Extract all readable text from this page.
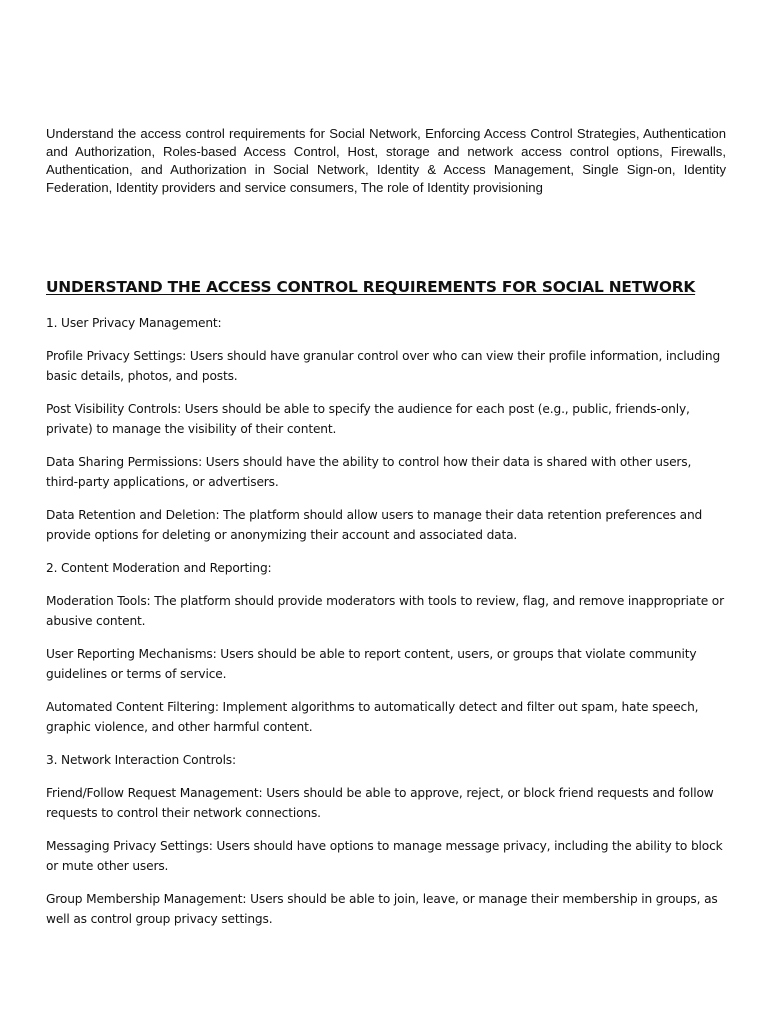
Understand the access control requirements for Social Network, Enforcing Access Control Strategies, Authentication and Authorization, Roles-based Access Control, Host, storage and network access control options, Firewalls, Authentication, and Authorization in Social Network, Identity & Access Management, Single Sign-on, Identity Federation, Identity providers and service consumers, The role of Identity provisioning

UNDERSTAND THE ACCESS CONTROL REQUIREMENTS FOR SOCIAL NETWORK

1. User Privacy Management:

Profile Privacy Settings: Users should have granular control over who can view their profile information, including basic details, photos, and posts.

Post Visibility Controls: Users should be able to specify the audience for each post (e.g., public, friends-only, private) to manage the visibility of their content.

Data Sharing Permissions: Users should have the ability to control how their data is shared with other users, third-party applications, or advertisers.

Data Retention and Deletion: The platform should allow users to manage their data retention preferences and provide options for deleting or anonymizing their account and associated data.

2. Content Moderation and Reporting:

Moderation Tools: The platform should provide moderators with tools to review, flag, and remove inappropriate or abusive content.

User Reporting Mechanisms: Users should be able to report content, users, or groups that violate community guidelines or terms of service.

Automated Content Filtering: Implement algorithms to automatically detect and filter out spam, hate speech, graphic violence, and other harmful content.

3. Network Interaction Controls:

Friend/Follow Request Management: Users should be able to approve, reject, or block friend requests and follow requests to control their network connections.

Messaging Privacy Settings: Users should have options to manage message privacy, including the ability to block or mute other users.

Group Membership Management: Users should be able to join, leave, or manage their membership in groups, as well as control group privacy settings.
